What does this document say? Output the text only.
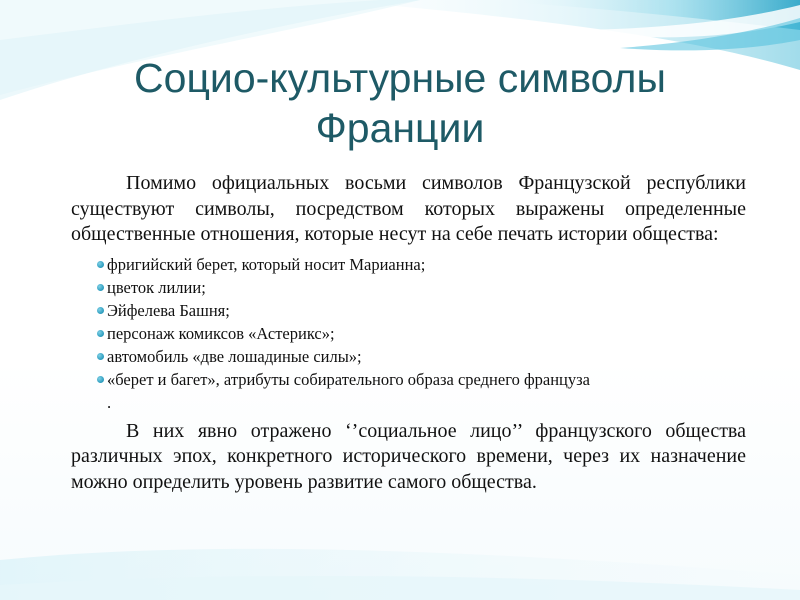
Социо-культурные символы
Франции

Помимо официальных восьми символов Французской республики существуют символы, посредством которых выражены определенные общественные отношения, которые несут на себе печать истории общества:

фригийский берет, который носит Марианна;
цветок лилии;
Эйфелева Башня;
персонаж комиксов «Астерикс»;
автомобиль «две лошадиные силы»;
«берет и багет», атрибуты собирательного образа среднего француза
.

В них явно отражено ‘’социальное лицо’’ французского общества различных эпох, конкретного исторического времени, через их назначение можно определить уровень развитие самого общества.
